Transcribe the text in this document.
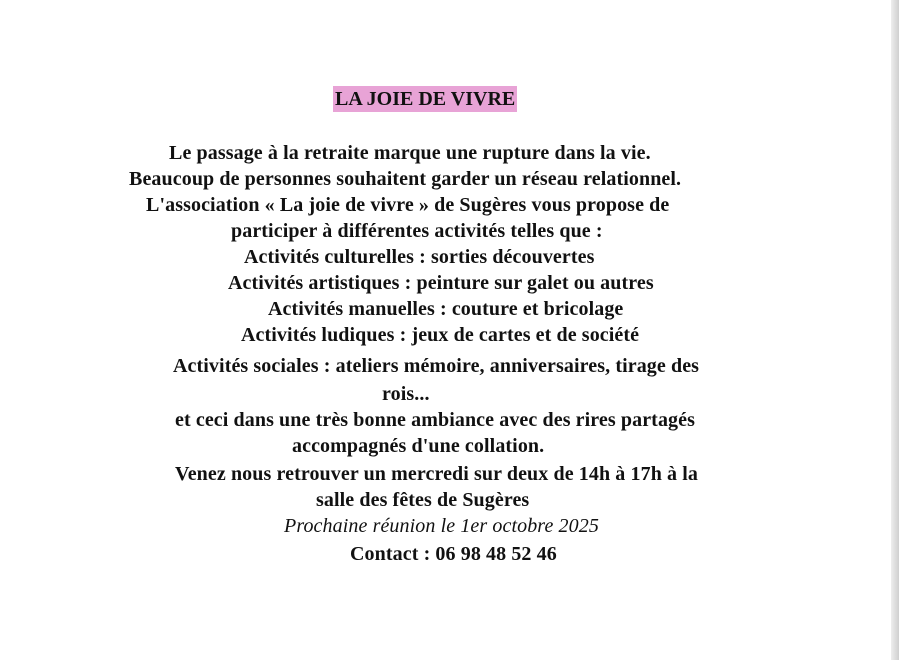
LA JOIE DE VIVRE
Le passage à la retraite marque une rupture dans la vie.
Beaucoup de personnes souhaitent garder un réseau relationnel.
L'association « La joie de vivre » de Sugères vous propose de
participer à différentes activités telles que :
Activités culturelles : sorties découvertes
Activités artistiques : peinture sur galet ou autres
Activités manuelles : couture et bricolage
Activités ludiques : jeux de cartes et de société
Activités sociales : ateliers mémoire, anniversaires, tirage des
rois...
et ceci dans une très bonne ambiance avec des rires partagés
accompagnés d'une collation.
Venez nous retrouver un mercredi sur deux de 14h à 17h à la
salle des fêtes de Sugères
Prochaine réunion le 1er octobre 2025
Contact : 06 98 48 52 46
